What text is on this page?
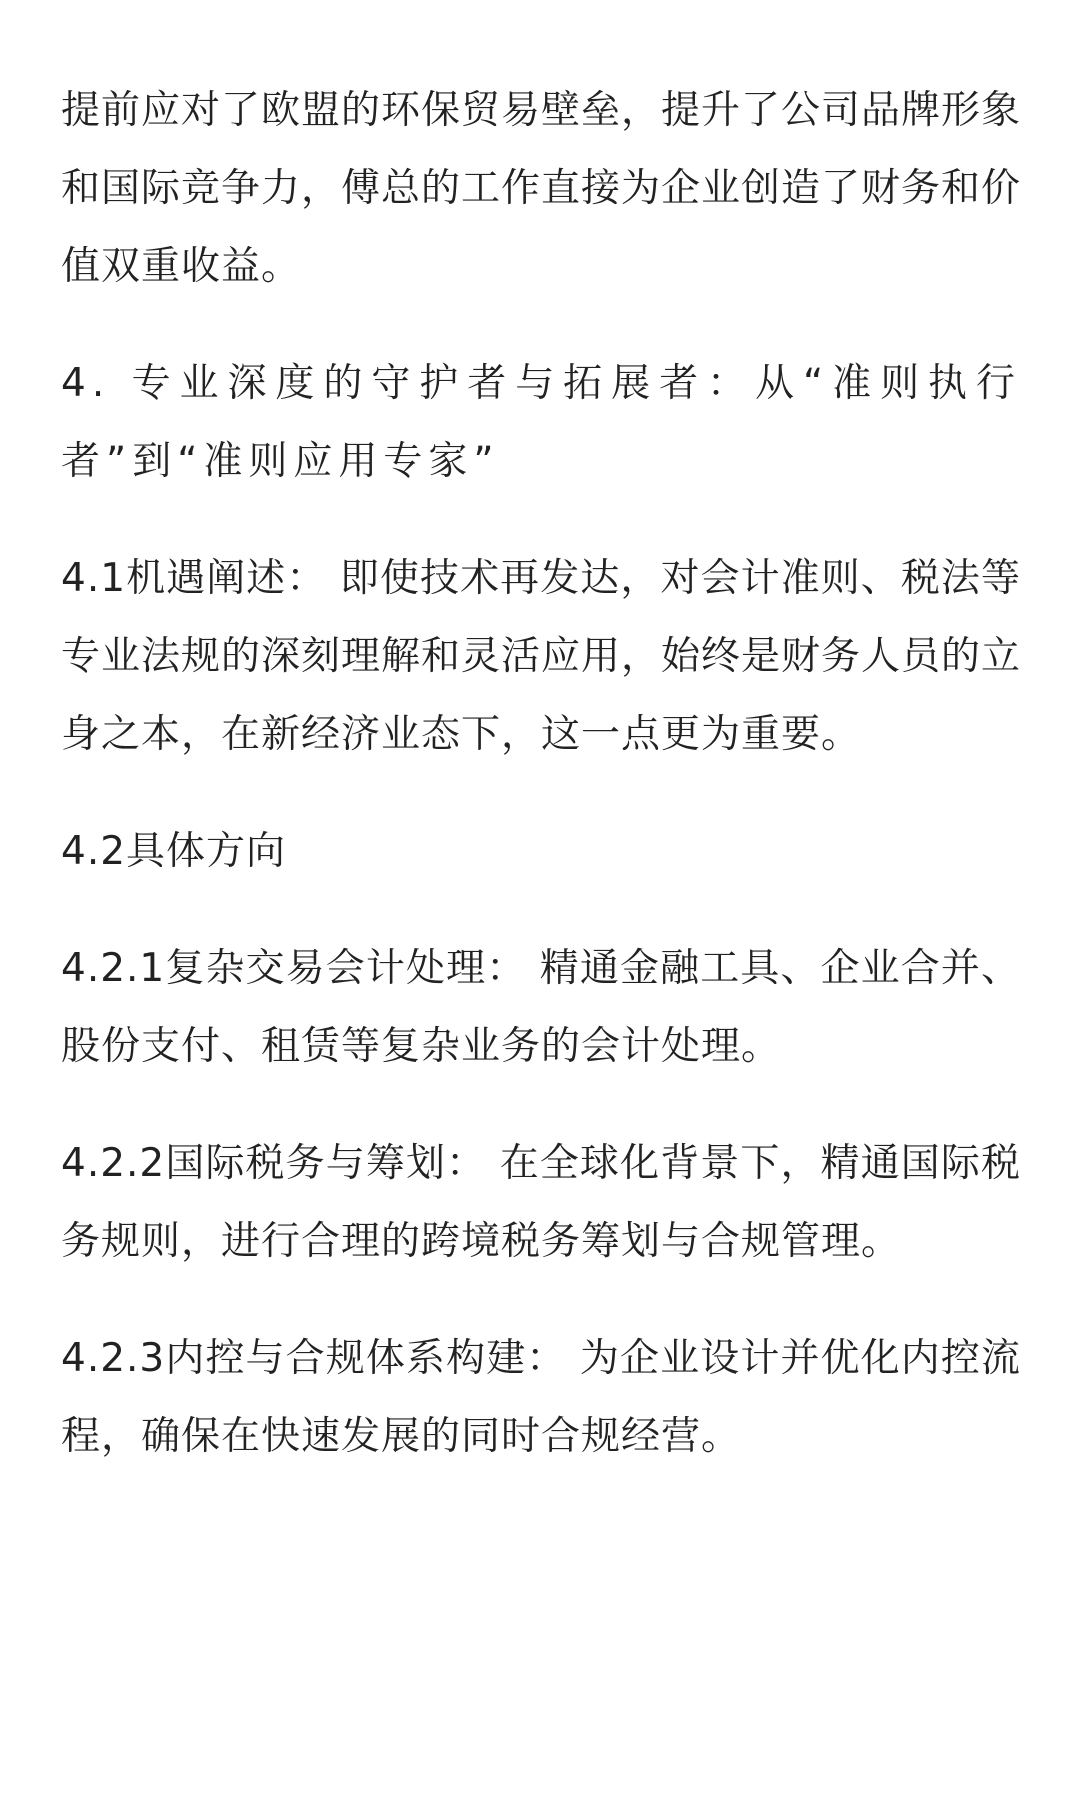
提前应对了欧盟的环保贸易壁垒，提升了公司品牌形象和国际竞争力，傅总的工作直接为企业创造了财务和价值双重收益。

4. 专业深度的守护者与拓展者：从“准则执行者”到“准则应用专家”

4.1机遇阐述： 即使技术再发达，对会计准则、税法等专业法规的深刻理解和灵活应用，始终是财务人员的立身之本，在新经济业态下，这一点更为重要。

4.2具体方向

4.2.1复杂交易会计处理： 精通金融工具、企业合并、股份支付、租赁等复杂业务的会计处理。

4.2.2国际税务与筹划： 在全球化背景下，精通国际税务规则，进行合理的跨境税务筹划与合规管理。

4.2.3内控与合规体系构建： 为企业设计并优化内控流程，确保在快速发展的同时合规经营。
